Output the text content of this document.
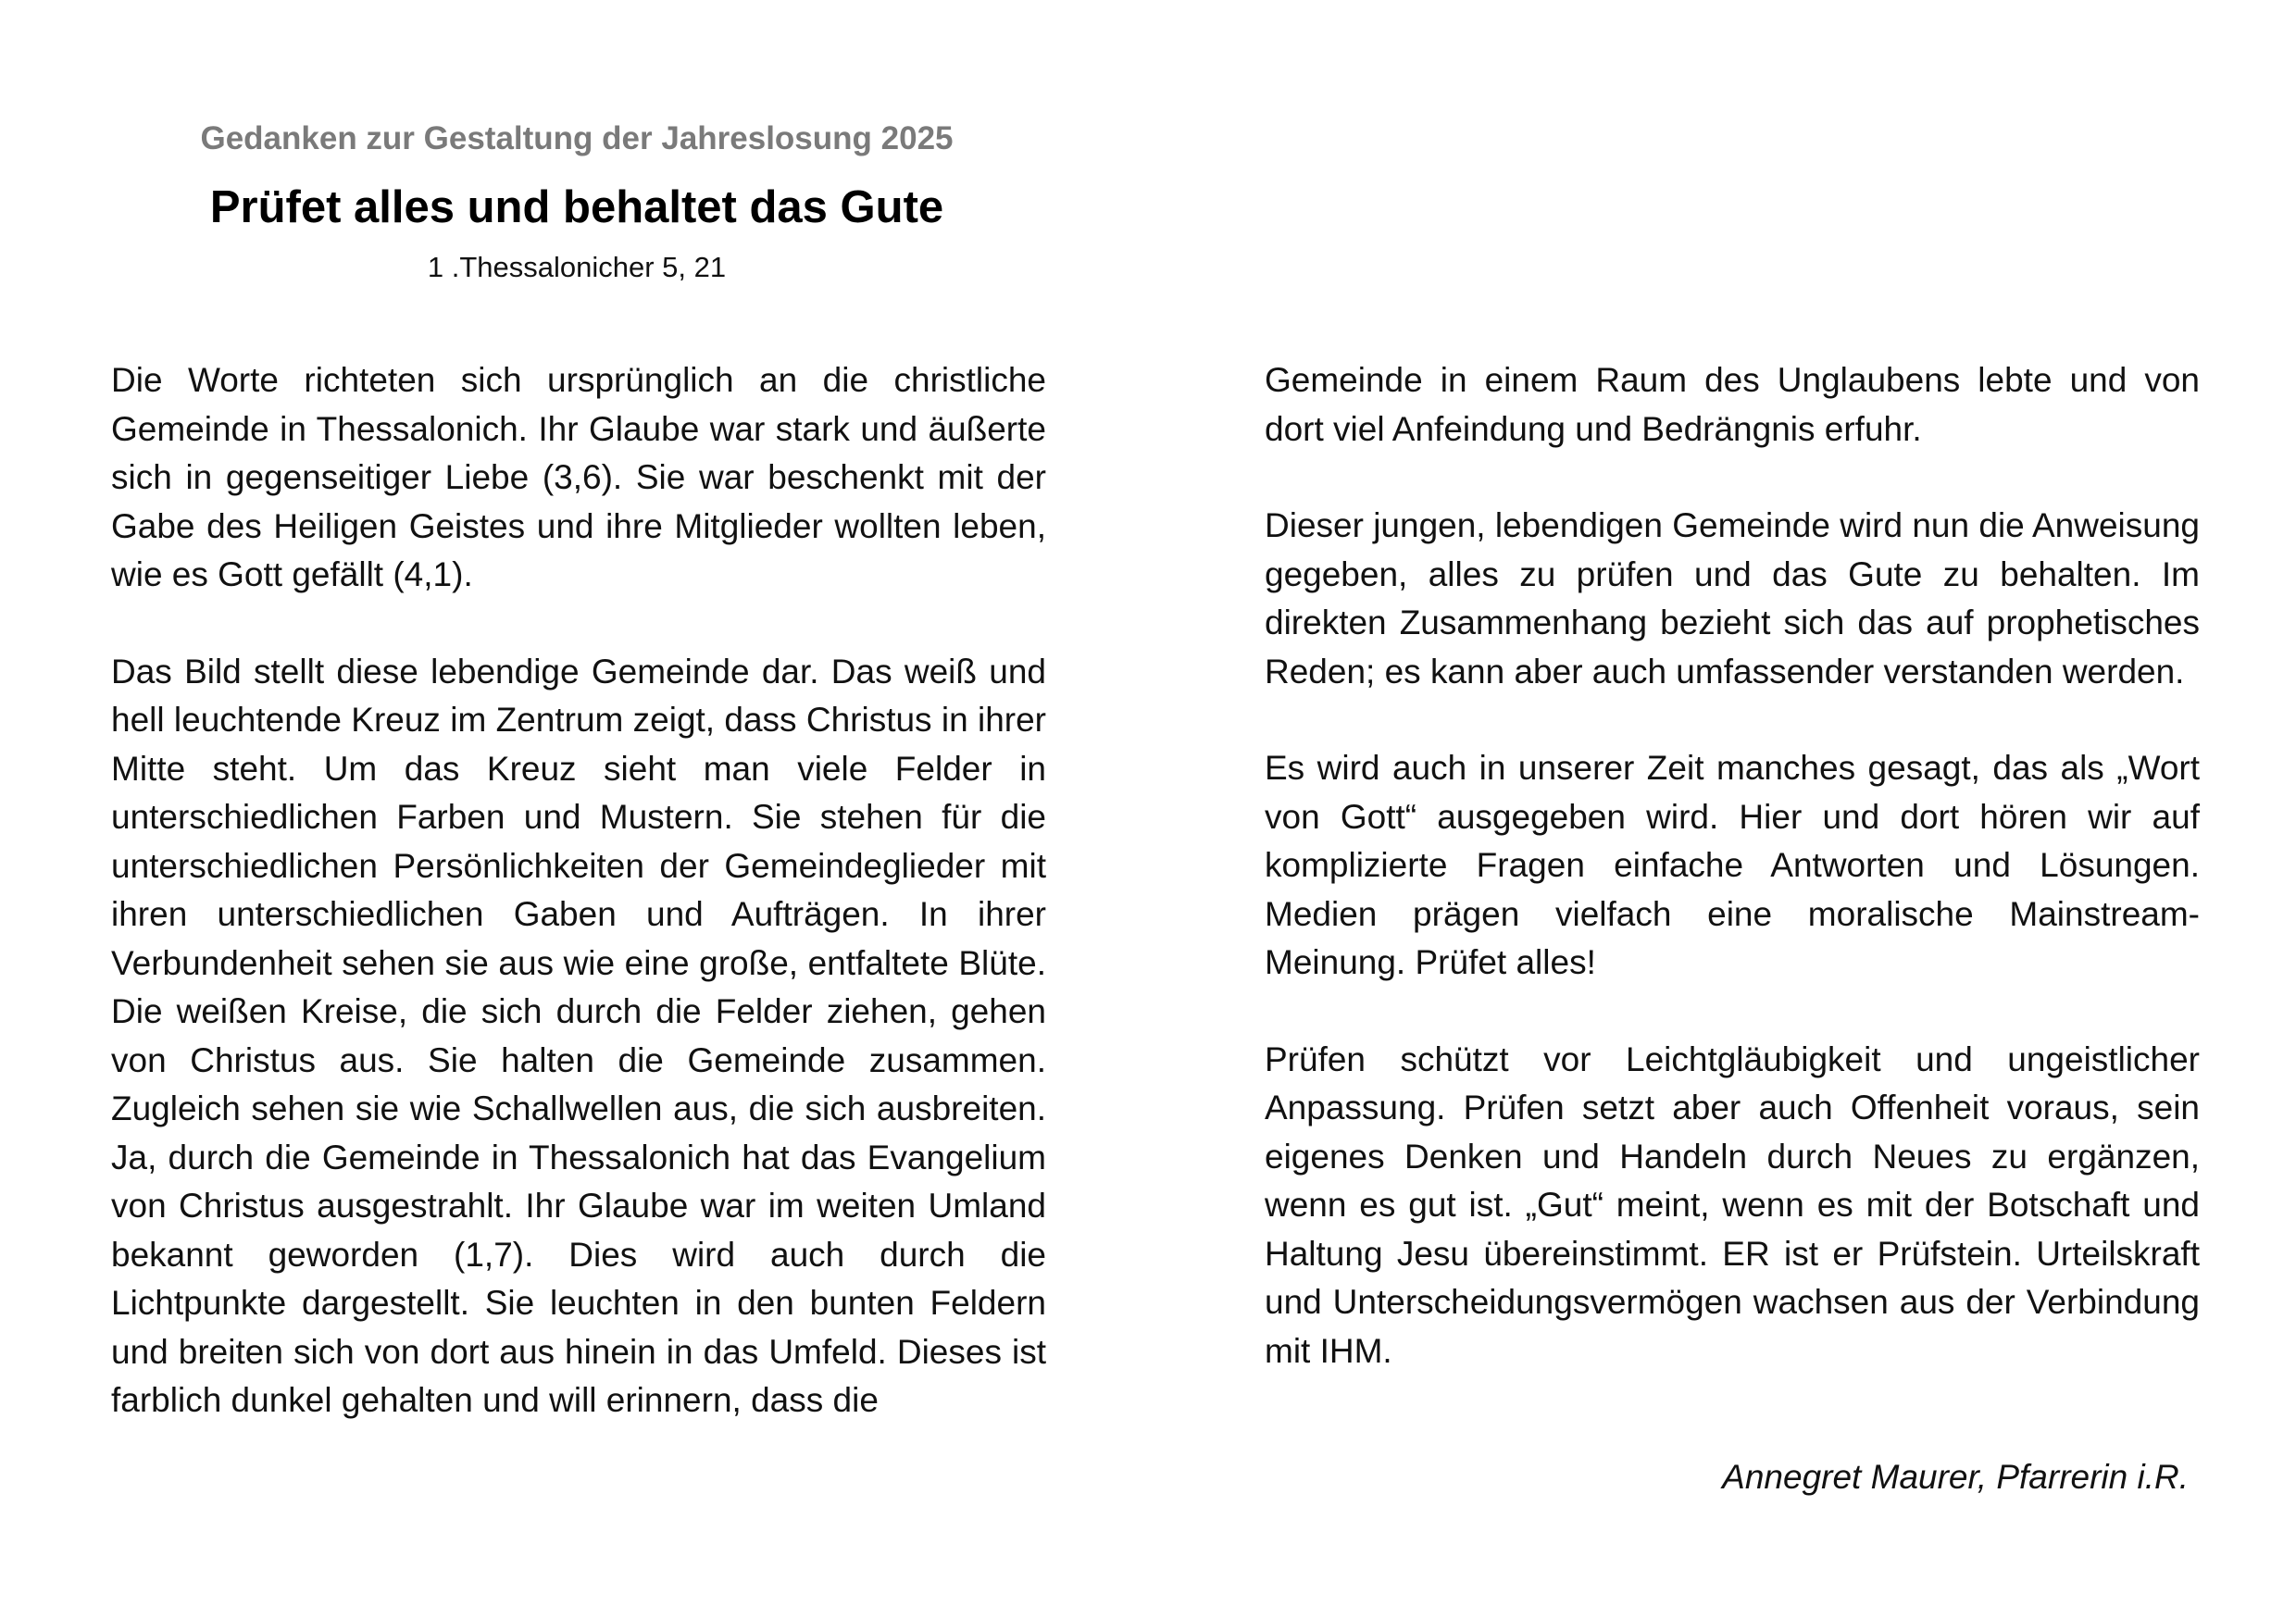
Gedanken zur Gestaltung der Jahreslosung 2025

Prüfet alles und behaltet das Gute

1 .Thessalonicher 5, 21

Die Worte richteten sich ursprünglich an die christliche Gemeinde in Thessalonich. Ihr Glaube war stark und äußerte sich in gegenseitiger Liebe (3,6). Sie war beschenkt mit der Gabe des Heiligen Geistes und ihre Mitglieder wollten leben, wie es Gott gefällt (4,1).

Das Bild stellt diese lebendige Gemeinde dar. Das weiß und hell leuchtende Kreuz im Zentrum zeigt, dass Christus in ihrer Mitte steht. Um das Kreuz sieht man viele Felder in unterschiedlichen Farben und Mustern. Sie stehen für die unterschiedlichen Persönlichkeiten der Gemeindeglieder mit ihren unterschiedlichen Gaben und Aufträgen. In ihrer Verbundenheit sehen sie aus wie eine große, entfaltete Blüte. Die weißen Kreise, die sich durch die Felder ziehen, gehen von Christus aus. Sie halten die Gemeinde zusammen. Zugleich sehen sie wie Schallwellen aus, die sich ausbreiten. Ja, durch die Gemeinde in Thessalonich hat das Evangelium von Christus ausgestrahlt. Ihr Glaube war im weiten Umland bekannt geworden (1,7). Dies wird auch durch die Lichtpunkte dargestellt. Sie leuchten in den bunten Feldern und breiten sich von dort aus hinein in das Umfeld. Dieses ist farblich dunkel gehalten und will erinnern, dass die

Gemeinde in einem Raum des Unglaubens lebte und von dort viel Anfeindung und Bedrängnis erfuhr.

Dieser jungen, lebendigen Gemeinde wird nun die Anweisung gegeben, alles zu prüfen und das Gute zu behalten. Im direkten Zusammenhang bezieht sich das auf prophetisches Reden; es kann aber auch umfassender verstanden werden.

Es wird auch in unserer Zeit manches gesagt, das als „Wort von Gott“ ausgegeben wird. Hier und dort hören wir auf komplizierte Fragen einfache Antworten und Lösungen. Medien prägen vielfach eine moralische Mainstream-Meinung. Prüfet alles!

Prüfen schützt vor Leichtgläubigkeit und ungeistlicher Anpassung. Prüfen setzt aber auch Offenheit voraus, sein eigenes Denken und Handeln durch Neues zu ergänzen, wenn es gut ist. „Gut“ meint, wenn es mit der Botschaft und Haltung Jesu übereinstimmt. ER ist er Prüfstein. Urteilskraft und Unterscheidungsvermögen wachsen aus der Verbindung mit IHM.

Annegret Maurer, Pfarrerin i.R.
